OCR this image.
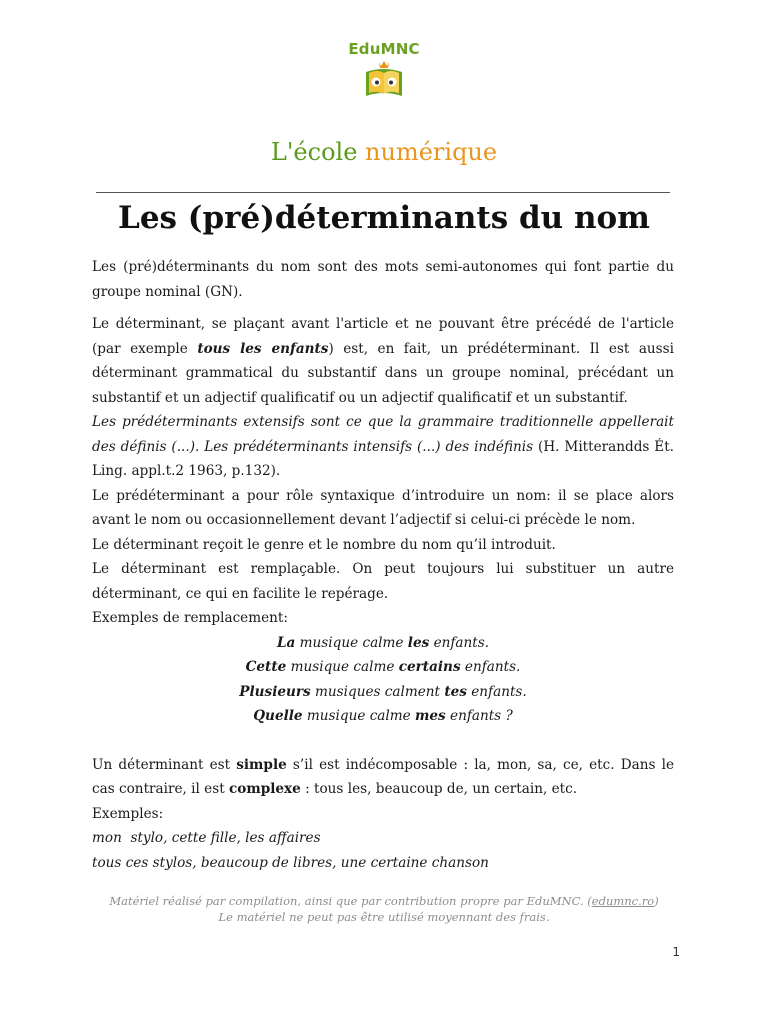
EduMNC
L'école numérique
Les (pré)déterminants du nom

Les (pré)déterminants du nom sont des mots semi-autonomes qui font partie du groupe nominal (GN).

Le déterminant, se plaçant avant l'article et ne pouvant être précédé de l'article (par exemple tous les enfants) est, en fait, un prédéterminant. Il est aussi déterminant grammatical du substantif dans un groupe nominal, précédant un substantif et un adjectif qualificatif ou un adjectif qualificatif et un substantif.

Les prédéterminants extensifs sont ce que la grammaire traditionnelle appellerait des définis (...). Les prédéterminants intensifs (...) des indéfinis (H. Mitterandds Ét. Ling. appl.t.2 1963, p.132).

Le prédéterminant a pour rôle syntaxique d’introduire un nom: il se place alors avant le nom ou occasionnellement devant l’adjectif si celui-ci précède le nom.

Le déterminant reçoit le genre et le nombre du nom qu’il introduit.

Le déterminant est remplaçable. On peut toujours lui substituer un autre déterminant, ce qui en facilite le repérage.

Exemples de remplacement:

La musique calme les enfants.

Cette musique calme certains enfants.

Plusieurs musiques calment tes enfants.

Quelle musique calme mes enfants ?

Un déterminant est simple s’il est indécomposable : la, mon, sa, ce, etc. Dans le cas contraire, il est complexe : tous les, beaucoup de, un certain, etc.

Exemples:

mon  stylo, cette fille, les affaires

tous ces stylos, beaucoup de libres, une certaine chanson

Matériel réalisé par compilation, ainsi que par contribution propre par EduMNC. (edumnc.ro)
Le matériel ne peut pas être utilisé moyennant des frais.
1
